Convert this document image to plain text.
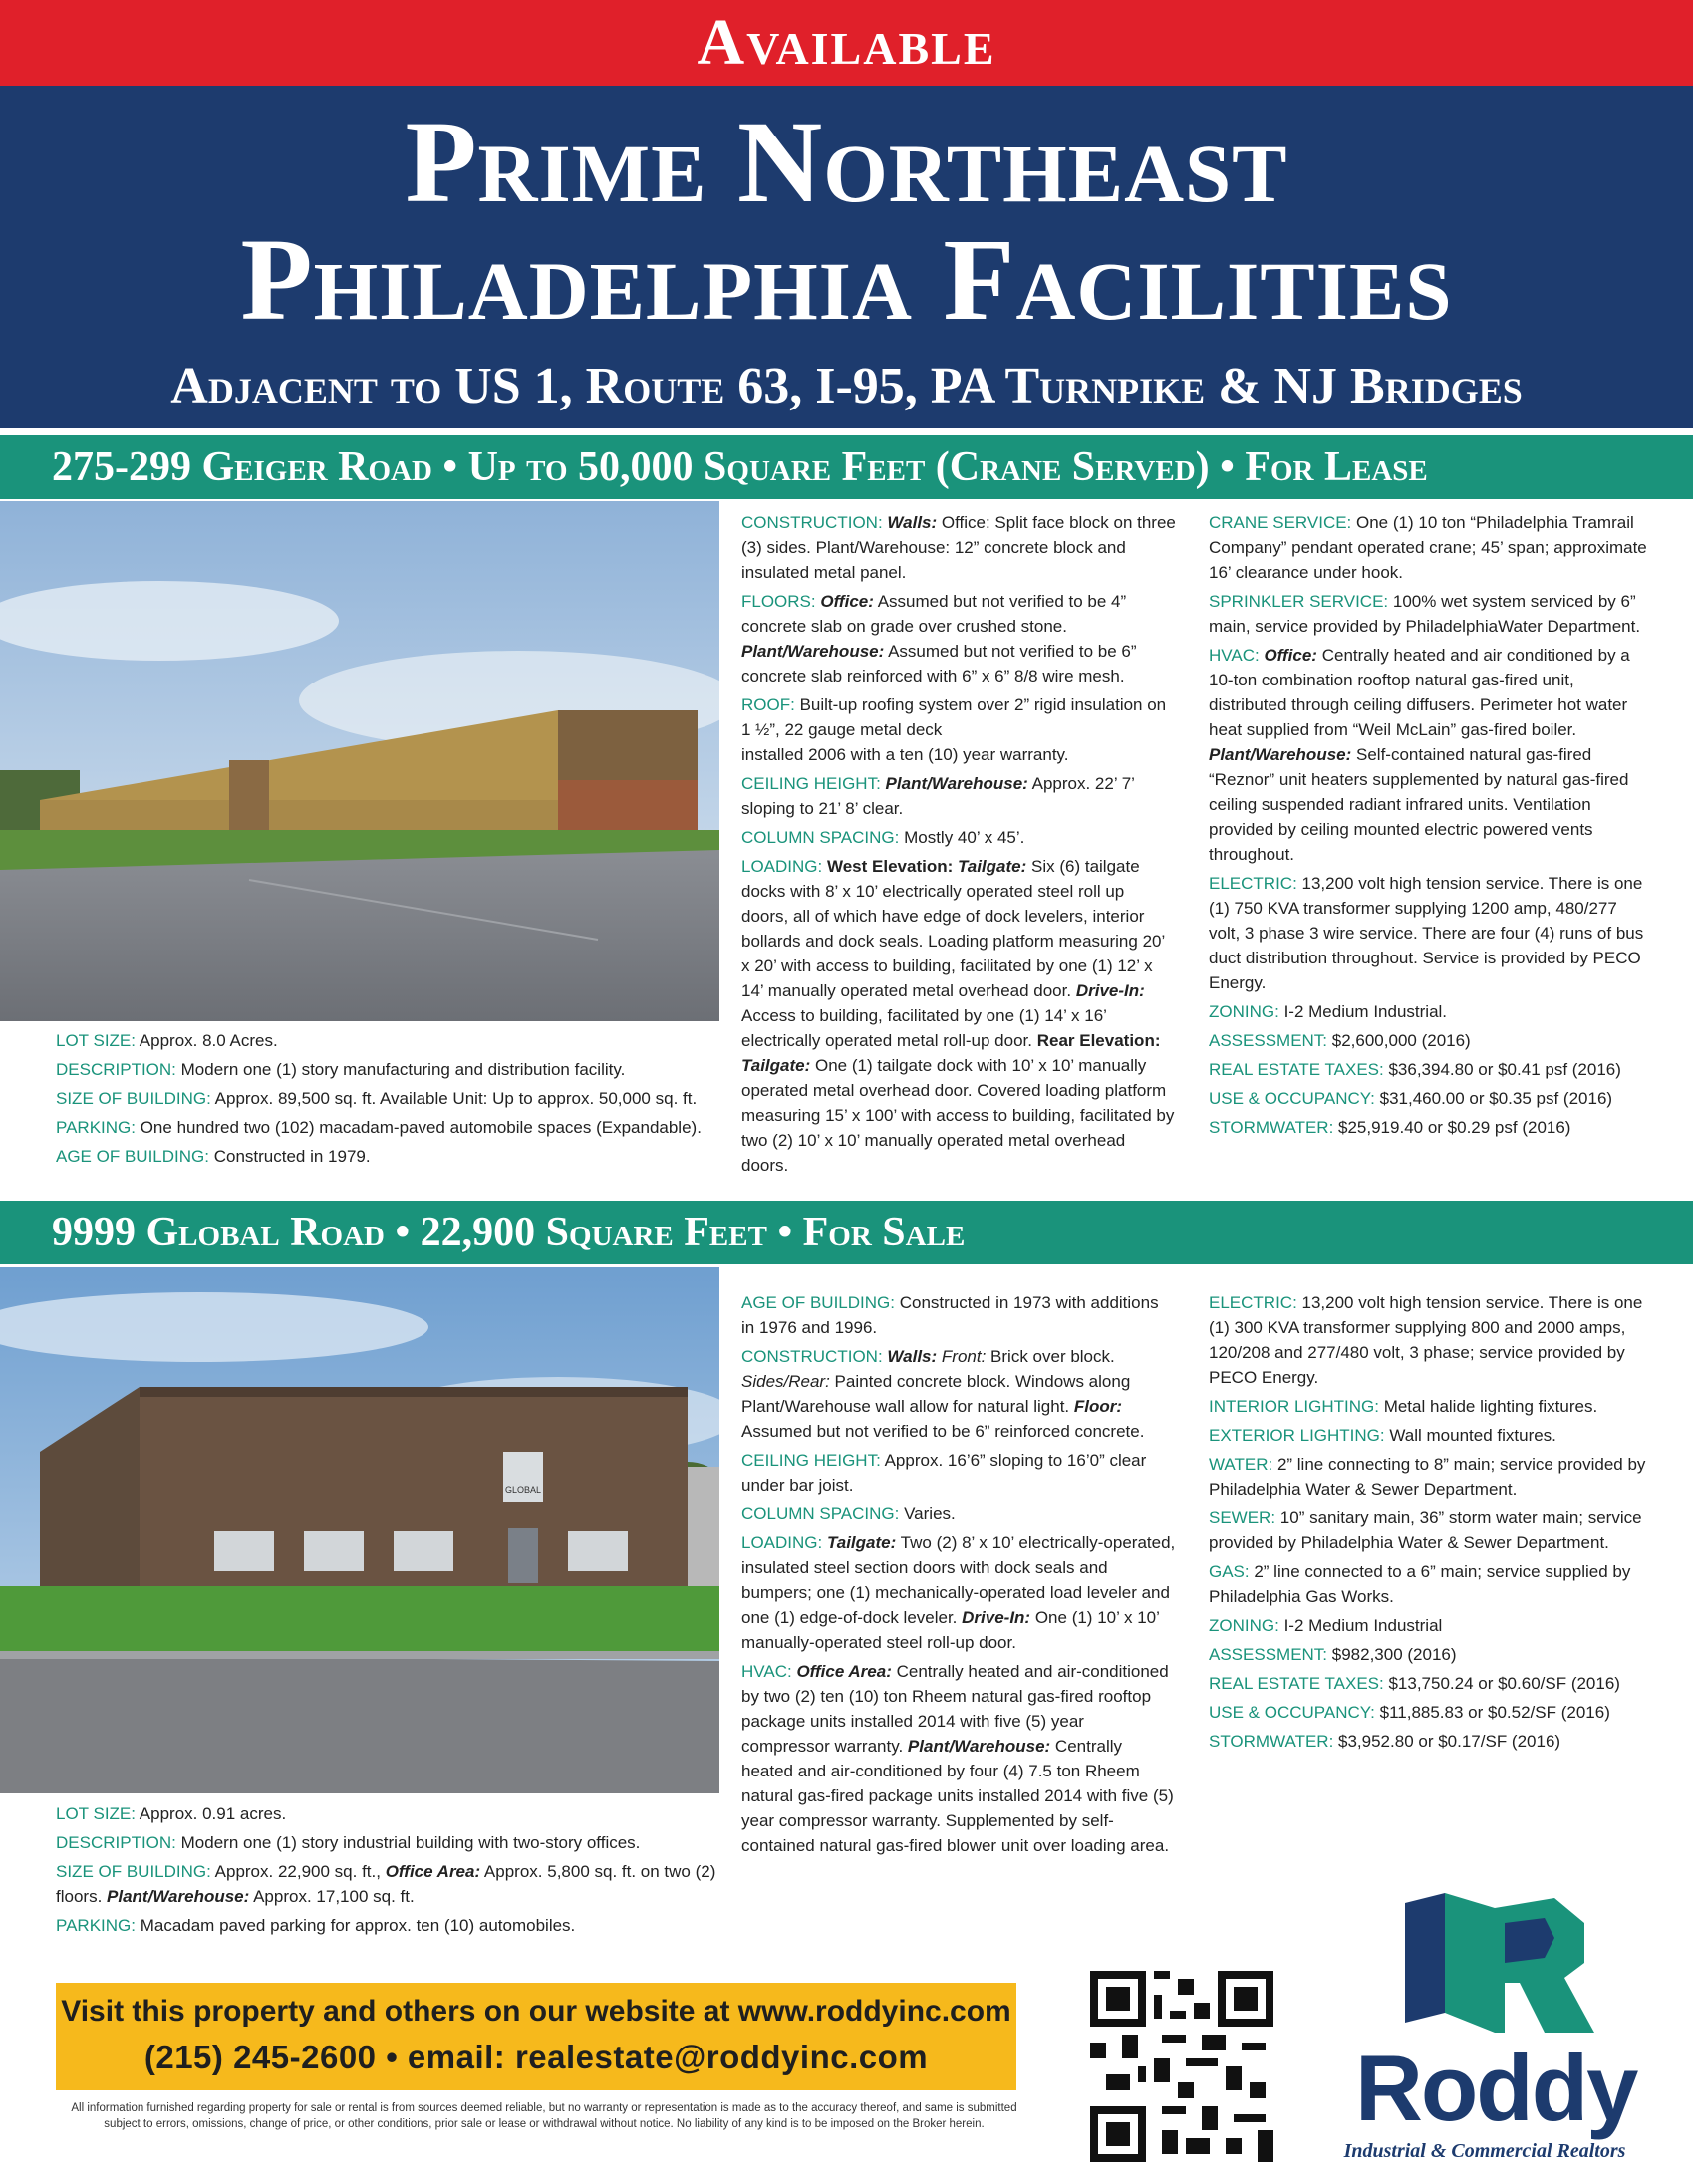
Available
Prime Northeast
Philadelphia Facilities
Adjacent to US 1, Route 63, I-95, PA Turnpike & NJ Bridges
275-299 Geiger Road • Up to 50,000 Square Feet (Crane Served) • For Lease

LOT SIZE: Approx. 8.0 Acres.

DESCRIPTION: Modern one (1) story manufacturing and distribution facility.

SIZE OF BUILDING: Approx. 89,500 sq. ft. Available Unit: Up to approx. 50,000 sq. ft.

PARKING: One hundred two (102) macadam-paved automobile spaces (Expandable).

AGE OF BUILDING: Constructed in 1979.

CONSTRUCTION: Walls: Office: Split face block on three (3) sides. Plant/Warehouse: 12” concrete block and insulated metal panel.

FLOORS: Office: Assumed but not verified to be 4” concrete slab on grade over crushed stone.
Plant/Warehouse: Assumed but not verified to be 6” concrete slab reinforced with 6” x 6” 8/8 wire mesh.

ROOF: Built-up roofing system over 2” rigid insulation on 1 ½”, 22 gauge metal deck
installed 2006 with a ten (10) year warranty.

CEILING HEIGHT: Plant/Warehouse: Approx. 22’ 7’ sloping to 21’ 8’ clear.

COLUMN SPACING: Mostly 40’ x 45’.

LOADING: West Elevation: Tailgate: Six (6) tailgate docks with 8’ x 10’ electrically operated steel roll up doors, all of which have edge of dock levelers, interior bollards and dock seals. Loading platform measuring 20’ x 20’ with access to building, facilitated by one (1) 12’ x 14’ manually operated metal overhead door. Drive-In: Access to building, facilitated by one (1) 14’ x 16’ electrically operated metal roll-up door. Rear Elevation: Tailgate: One (1) tailgate dock with 10’ x 10’ manually operated metal overhead door. Covered loading platform measuring 15’ x 100’ with access to building, facilitated by two (2) 10’ x 10’ manually operated metal overhead doors.

CRANE SERVICE: One (1) 10 ton “Philadelphia Tramrail Company” pendant operated crane; 45’ span; approximate 16’ clearance under hook.

SPRINKLER SERVICE: 100% wet system serviced by 6” main, service provided by PhiladelphiaWater Department.

HVAC: Office: Centrally heated and air conditioned by a 10-ton combination rooftop natural gas-fired unit, distributed through ceiling diffusers. Perimeter hot water heat supplied from “Weil McLain” gas-fired boiler.
Plant/Warehouse: Self-contained natural gas-fired “Reznor” unit heaters supplemented by natural gas-fired ceiling suspended radiant infrared units. Ventilation provided by ceiling mounted electric powered vents throughout.

ELECTRIC: 13,200 volt high tension service. There is one (1) 750 KVA transformer supplying 1200 amp, 480/277 volt, 3 phase 3 wire service. There are four (4) runs of bus duct distribution throughout. Service is provided by PECO Energy.

ZONING: I-2 Medium Industrial.

ASSESSMENT: $2,600,000 (2016)

REAL ESTATE TAXES: $36,394.80 or $0.41 psf (2016)

USE & OCCUPANCY: $31,460.00 or $0.35 psf (2016)

STORMWATER: $25,919.40 or $0.29 psf (2016)

9999 Global Road • 22,900 Square Feet • For Sale
GLOBAL

LOT SIZE: Approx. 0.91 acres.

DESCRIPTION: Modern one (1) story industrial building with two-story offices.

SIZE OF BUILDING: Approx. 22,900 sq. ft., Office Area: Approx. 5,800 sq. ft. on two (2) floors. Plant/Warehouse: Approx. 17,100 sq. ft.

PARKING: Macadam paved parking for approx. ten (10) automobiles.

AGE OF BUILDING: Constructed in 1973 with additions in 1976 and 1996.

CONSTRUCTION: Walls: Front: Brick over block.
Sides/Rear: Painted concrete block. Windows along Plant/Warehouse wall allow for natural light. Floor: Assumed but not verified to be 6” reinforced concrete.

CEILING HEIGHT: Approx. 16’6” sloping to 16’0” clear under bar joist.

COLUMN SPACING: Varies.

LOADING: Tailgate: Two (2) 8’ x 10’ electrically-operated, insulated steel section doors with dock seals and bumpers; one (1) mechanically-operated load leveler and one (1) edge-of-dock leveler. Drive-In: One (1) 10’ x 10’ manually-operated steel roll-up door.

HVAC: Office Area: Centrally heated and air-conditioned by two (2) ten (10) ton Rheem natural gas-fired rooftop package units installed 2014 with five (5) year compressor warranty. Plant/Warehouse: Centrally heated and air-conditioned by four (4) 7.5 ton Rheem natural gas-fired package units installed 2014 with five (5) year compressor warranty. Supplemented by self-contained natural gas-fired blower unit over loading area.

ELECTRIC: 13,200 volt high tension service. There is one (1) 300 KVA transformer supplying 800 and 2000 amps, 120/208 and 277/480 volt, 3 phase; service provided by PECO Energy.

INTERIOR LIGHTING: Metal halide lighting fixtures.

EXTERIOR LIGHTING: Wall mounted fixtures.

WATER: 2” line connecting to 8” main; service provided by Philadelphia Water & Sewer Department.

SEWER: 10” sanitary main, 36” storm water main; service provided by Philadelphia Water & Sewer Department.

GAS: 2” line connected to a 6” main; service supplied by Philadelphia Gas Works.

ZONING: I-2 Medium Industrial

ASSESSMENT: $982,300 (2016)

REAL ESTATE TAXES: $13,750.24 or $0.60/SF (2016)

USE & OCCUPANCY: $11,885.83 or $0.52/SF (2016)

STORMWATER: $3,952.80 or $0.17/SF (2016)

Visit this property and others on our website at www.roddyinc.com
(215) 245-2600 • email: realestate@roddyinc.com
All information furnished regarding property for sale or rental is from sources deemed reliable, but no warranty or representation is made as to the accuracy thereof, and same is submitted subject to errors, omissions, change of price, or other conditions, prior sale or lease or withdrawal without notice. No liability of any kind is to be imposed on the Broker herein.	Roddy
Industrial & Commercial Realtors
